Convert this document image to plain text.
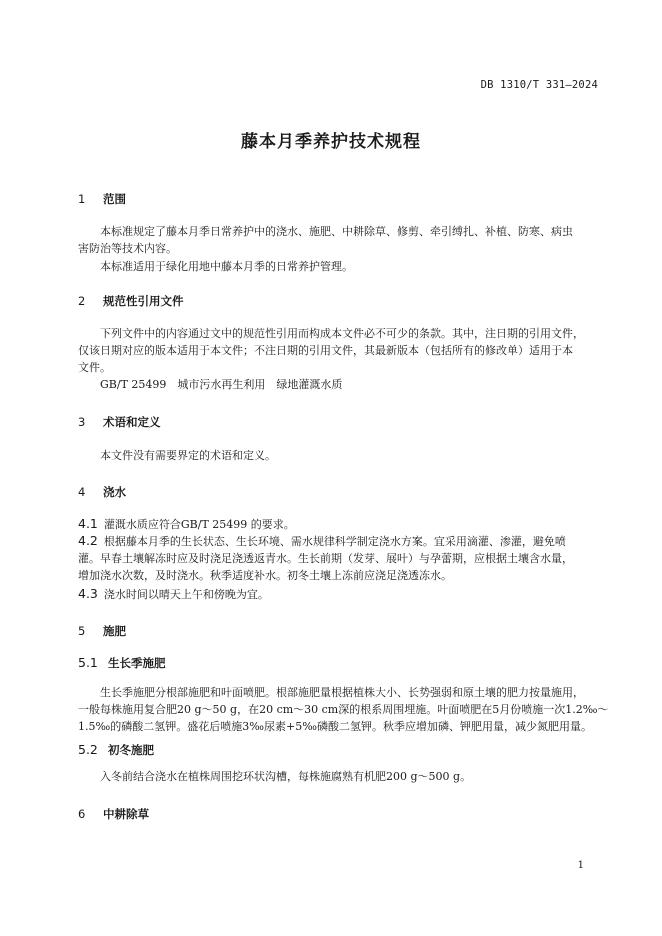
DB 1310/T 331—2024
藤本月季养护技术规程
1 范围
本标准规定了藤本月季日常养护中的浇水、施肥、中耕除草、修剪、牵引缚扎、补植、防寒、病虫
害防治等技术内容。
本标准适用于绿化用地中藤本月季的日常养护管理。
2 规范性引用文件
下列文件中的内容通过文中的规范性引用而构成本文件必不可少的条款。其中，注日期的引用文件，
仅该日期对应的版本适用于本文件；不注日期的引用文件，其最新版本（包括所有的修改单）适用于本
文件。
GB/T 25499　城市污水再生利用　绿地灌溉水质
3 术语和定义
本文件没有需要界定的术语和定义。
4 浇水
4.1 灌溉水质应符合GB/T 25499 的要求。
4.2 根据藤本月季的生长状态、生长环境、需水规律科学制定浇水方案。宜采用滴灌、渗灌，避免喷
灌。早春土壤解冻时应及时浇足浇透返青水。生长前期（发芽、展叶）与孕蕾期，应根据土壤含水量，
增加浇水次数，及时浇水。秋季适度补水。初冬土壤上冻前应浇足浇透冻水。
4.3 浇水时间以晴天上午和傍晚为宜。
5 施肥
5.1 生长季施肥
生长季施肥分根部施肥和叶面喷肥。根部施肥量根据植株大小、长势强弱和原土壤的肥力按量施用，
一般每株施用复合肥20 g～50 g，在20 cm～30 cm深的根系周围埋施。叶面喷肥在5月份喷施一次1.2‰～
1.5‰的磷酸二氢钾。盛花后喷施3‰尿素+5‰磷酸二氢钾。秋季应增加磷、钾肥用量，减少氮肥用量。
5.2 初冬施肥
入冬前结合浇水在植株周围挖环状沟槽，每株施腐熟有机肥200 g～500 g。
6 中耕除草
1
